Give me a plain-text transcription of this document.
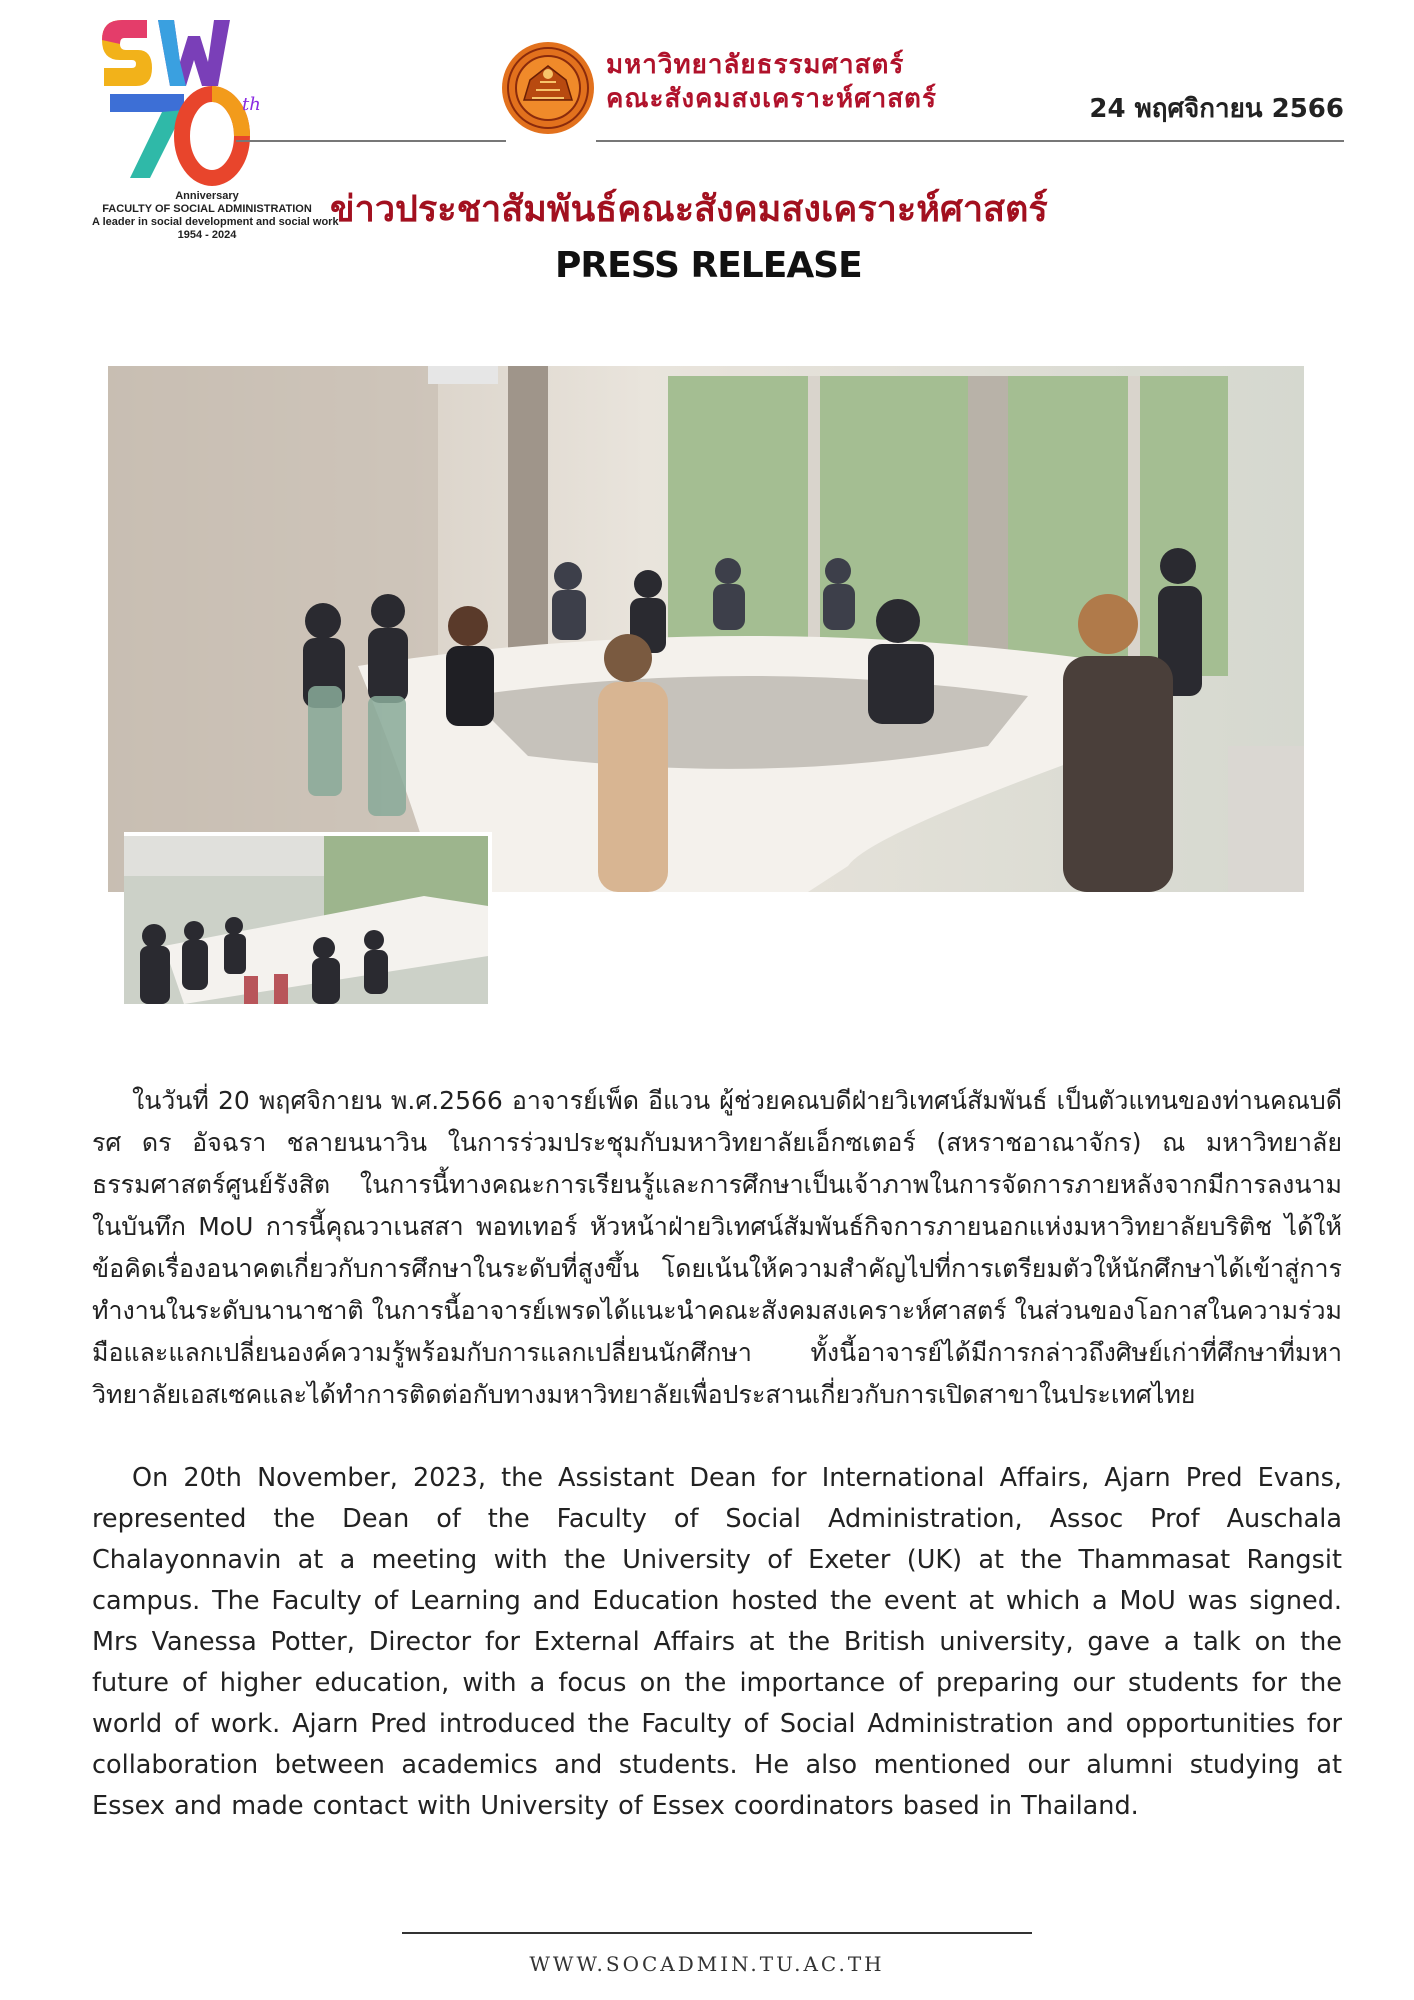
th
Anniversary
FACULTY OF SOCIAL ADMINISTRATION
A leader in social development and social work
1954 - 2024
มหาวิทยาลัยธรรมศาสตร์
คณะสังคมสงเคราะห์ศาสตร์	24 พฤศจิกายน 2566
ข่าวประชาสัมพันธ์คณะสังคมสงเคราะห์ศาสตร์
PRESS RELEASE
ในวันที่ 20 พฤศจิกายน พ.ศ.2566 อาจารย์เพ็ด อีแวน ผู้ช่วยคณบดีฝ่ายวิเทศน์สัมพันธ์ เป็นตัวแทนของท่านคณบดี รศ ดร อัจฉรา ชลายนนาวิน ในการร่วมประชุมกับมหาวิทยาลัยเอ็กซเตอร์ (สหราชอาณาจักร) ณ มหาวิทยาลัยธรรมศาสตร์ศูนย์รังสิต ในการนี้ทางคณะการเรียนรู้และการศึกษาเป็นเจ้าภาพในการจัดการภายหลังจากมีการลงนามในบันทึก MoU การนี้คุณวาเนสสา พอทเทอร์ หัวหน้าฝ่ายวิเทศน์สัมพันธ์กิจการภายนอกแห่งมหาวิทยาลัยบริติช ได้ให้ข้อคิดเรื่องอนาคตเกี่ยวกับการศึกษาในระดับที่สูงขึ้น โดยเน้นให้ความสำคัญไปที่การเตรียมตัวให้นักศึกษาได้เข้าสู่การทำงานในระดับนานาชาติ ในการนี้อาจารย์เพรดได้แนะนำคณะสังคมสงเคราะห์ศาสตร์ ในส่วนของโอกาสในความร่วมมือและแลกเปลี่ยนองค์ความรู้พร้อมกับการแลกเปลี่ยนนักศึกษา ทั้งนี้อาจารย์ได้มีการกล่าวถึงศิษย์เก่าที่ศึกษาที่มหาวิทยาลัยเอสเซคและได้ทำการติดต่อกับทางมหาวิทยาลัยเพื่อประสานเกี่ยวกับการเปิดสาขาในประเทศไทย
On 20th November, 2023, the Assistant Dean for International Affairs, Ajarn Pred Evans, represented the Dean of the Faculty of Social Administration, Assoc Prof Auschala Chalayonnavin at a meeting with the University of Exeter (UK) at the Thammasat Rangsit campus. The Faculty of Learning and Education hosted the event at which a MoU was signed. Mrs Vanessa Potter, Director for External Affairs at the British university, gave a talk on the future of higher education, with a focus on the importance of preparing our students for the world of work. Ajarn Pred introduced the Faculty of Social Administration and opportunities for collaboration between academics and students. He also mentioned our alumni studying at Essex and made contact with University of Essex coordinators based in Thailand.
WWW.SOCADMIN.TU.AC.TH
